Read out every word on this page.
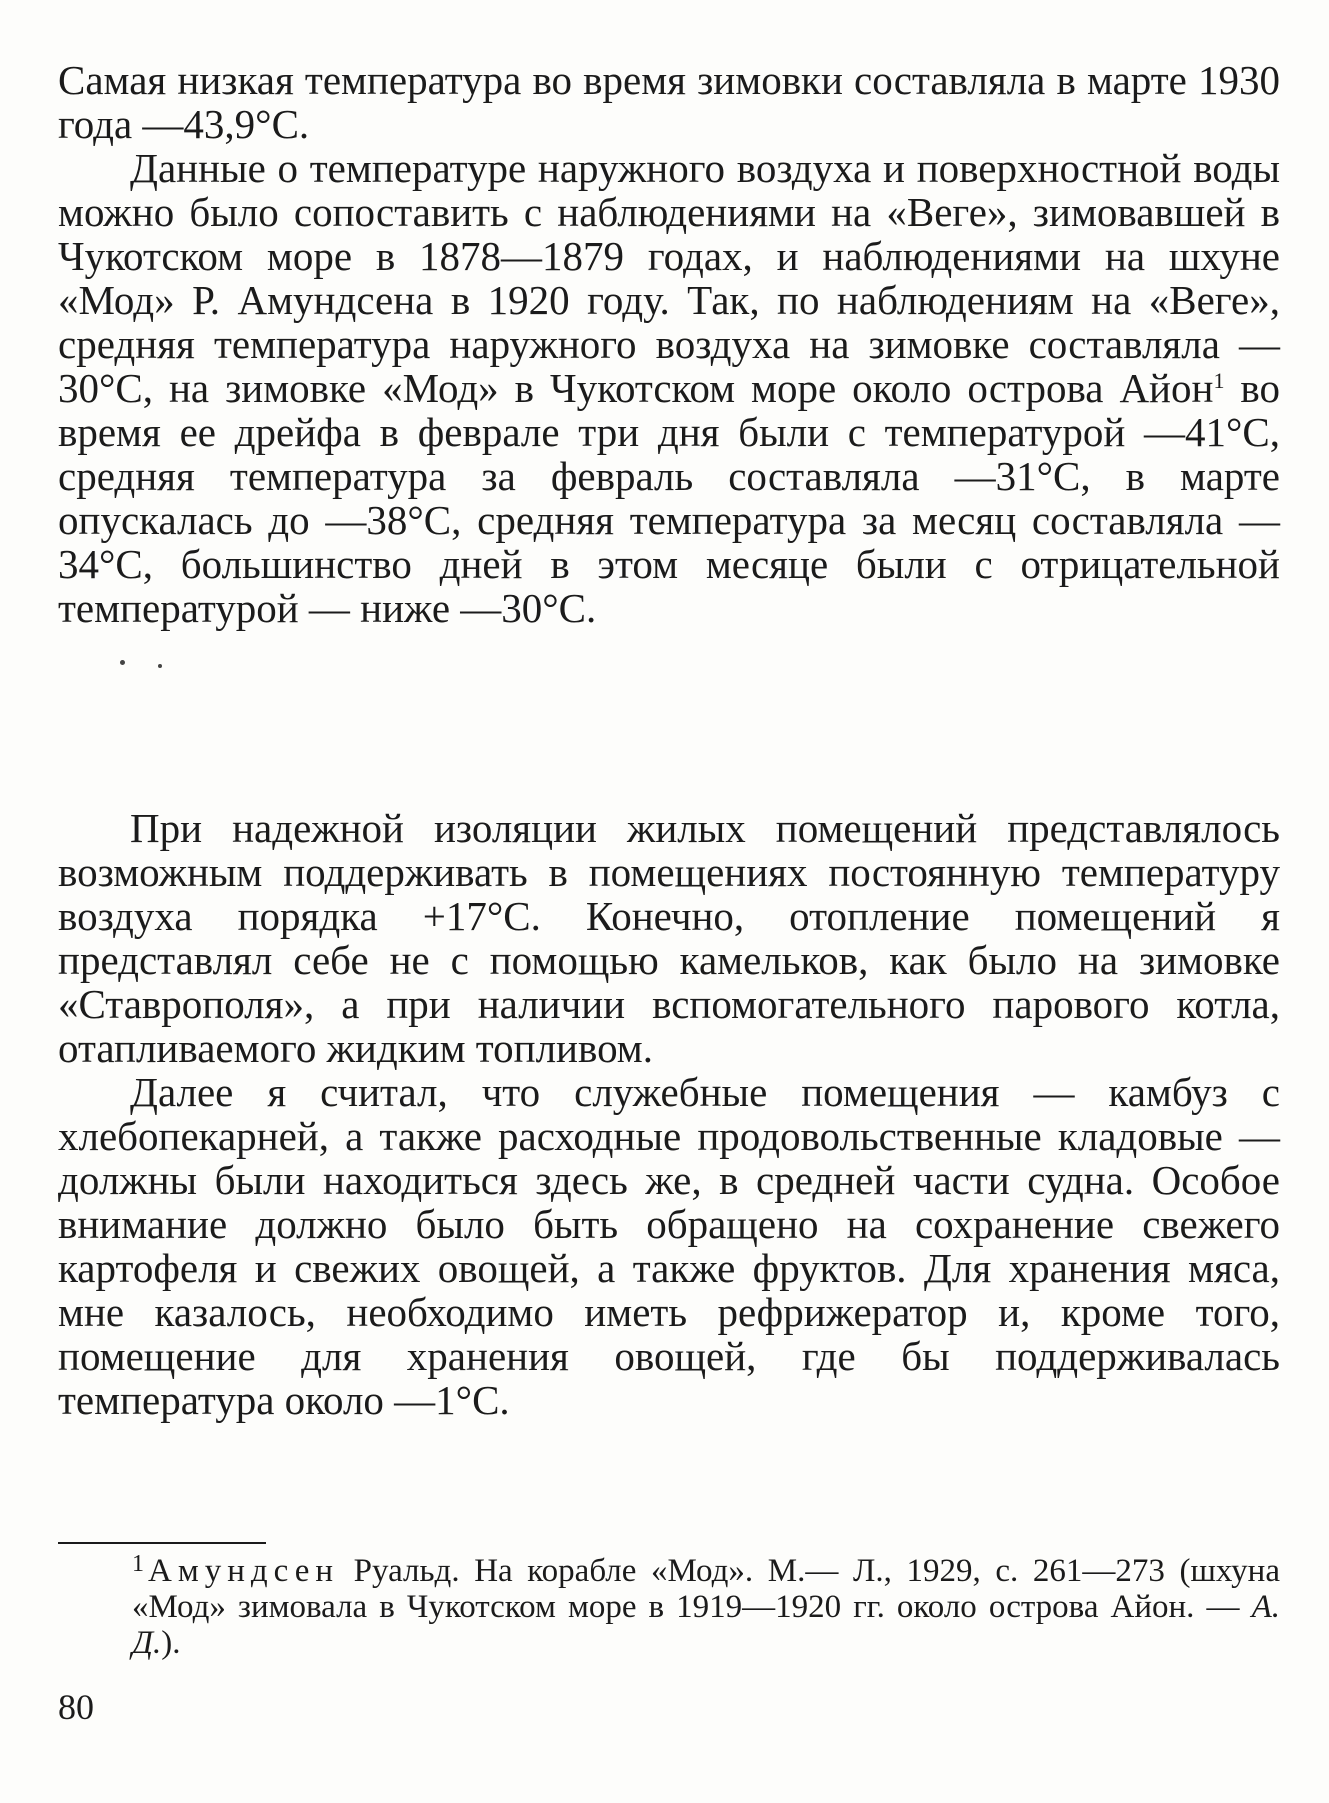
Самая низкая температура во время зимовки составляла в марте 1930 года —43,9°С.

Данные о температуре наружного воздуха и поверхностной воды можно было сопоставить с наблюдениями на «Веге», зимовавшей в Чукотском море в 1878—1879 годах, и наблюдениями на шхуне «Мод» Р. Амундсена в 1920 году. Так, по наблюдениям на «Веге», средняя температура наружного воздуха на зимовке составляла —30°С, на зимовке «Мод» в Чукотском море около острова Айон$^1$ во время ее дрейфа в феврале три дня были с температурой —41°С, средняя температура за февраль составляла —31°С, в марте опускалась до —38°С, средняя температура за месяц составляла —34°С, большинство дней в этом месяце были с отрицательной температурой — ниже —30°С.

При надежной изоляции жилых помещений представлялось возможным поддерживать в помещениях постоянную температуру воздуха порядка +17°С. Конечно, отопление помещений я представлял себе не с помощью камельков, как было на зимовке «Ставрополя», а при наличии вспомогательного парового котла, отапливаемого жидким топливом.

Далее я считал, что служебные помещения — камбуз с хлебопекарней, а также расходные продовольственные кладовые — должны были находиться здесь же, в средней части судна. Особое внимание должно было быть обращено на сохранение свежего картофеля и свежих овощей, а также фруктов. Для хранения мяса, мне казалось, необходимо иметь рефрижератор и, кроме того, помещение для хранения овощей, где бы поддерживалась температура около —1°С.

$^1$ Амундсен Руальд. На корабле «Мод». М.— Л., 1929, с. 261—273 (шхуна «Мод» зимовала в Чукотском море в 1919—1920 гг. около острова Айон. — А. Д.).
80
